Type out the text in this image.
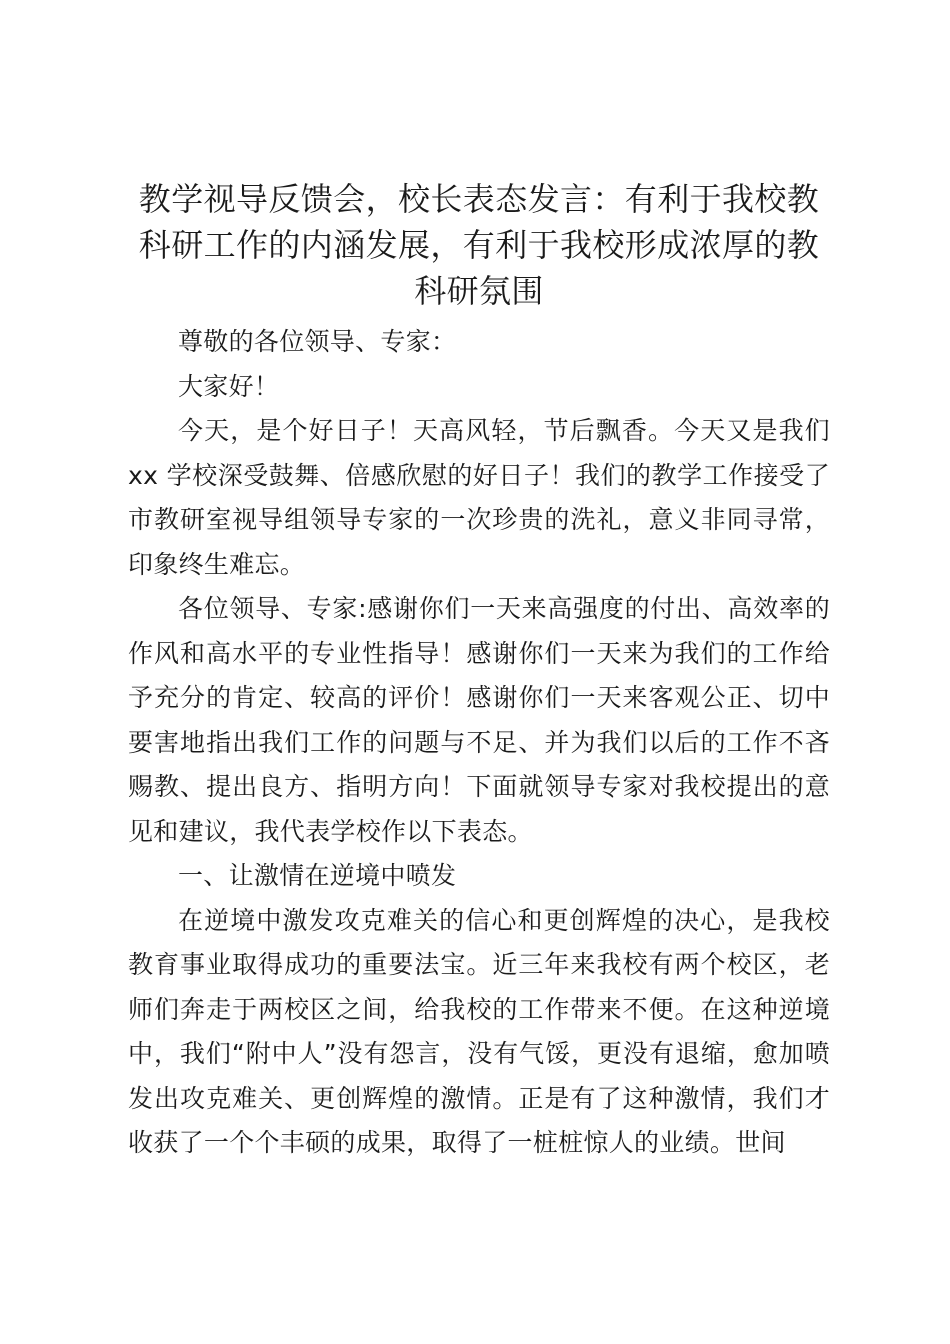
教学视导反馈会，校长表态发言：有利于我校教科研工作的内涵发展，有利于我校形成浓厚的教科研氛围

尊敬的各位领导、专家：

大家好！

今天，是个好日子！天高风轻，节后飘香。今天又是我们 xx 学校深受鼓舞、倍感欣慰的好日子！我们的教学工作接受了市教研室视导组领导专家的一次珍贵的洗礼，意义非同寻常，印象终生难忘。

各位领导、专家:感谢你们一天来高强度的付出、高效率的作风和高水平的专业性指导！感谢你们一天来为我们的工作给予充分的肯定、较高的评价！感谢你们一天来客观公正、切中要害地指出我们工作的问题与不足、并为我们以后的工作不吝赐教、提出良方、指明方向！下面就领导专家对我校提出的意见和建议，我代表学校作以下表态。

一、让激情在逆境中喷发

在逆境中激发攻克难关的信心和更创辉煌的决心，是我校教育事业取得成功的重要法宝。近三年来我校有两个校区，老师们奔走于两校区之间，给我校的工作带来不便。在这种逆境中，我们“附中人”没有怨言，没有气馁，更没有退缩，愈加喷发出攻克难关、更创辉煌的激情。正是有了这种激情，我们才收获了一个个丰硕的成果，取得了一桩桩惊人的业绩。世间
